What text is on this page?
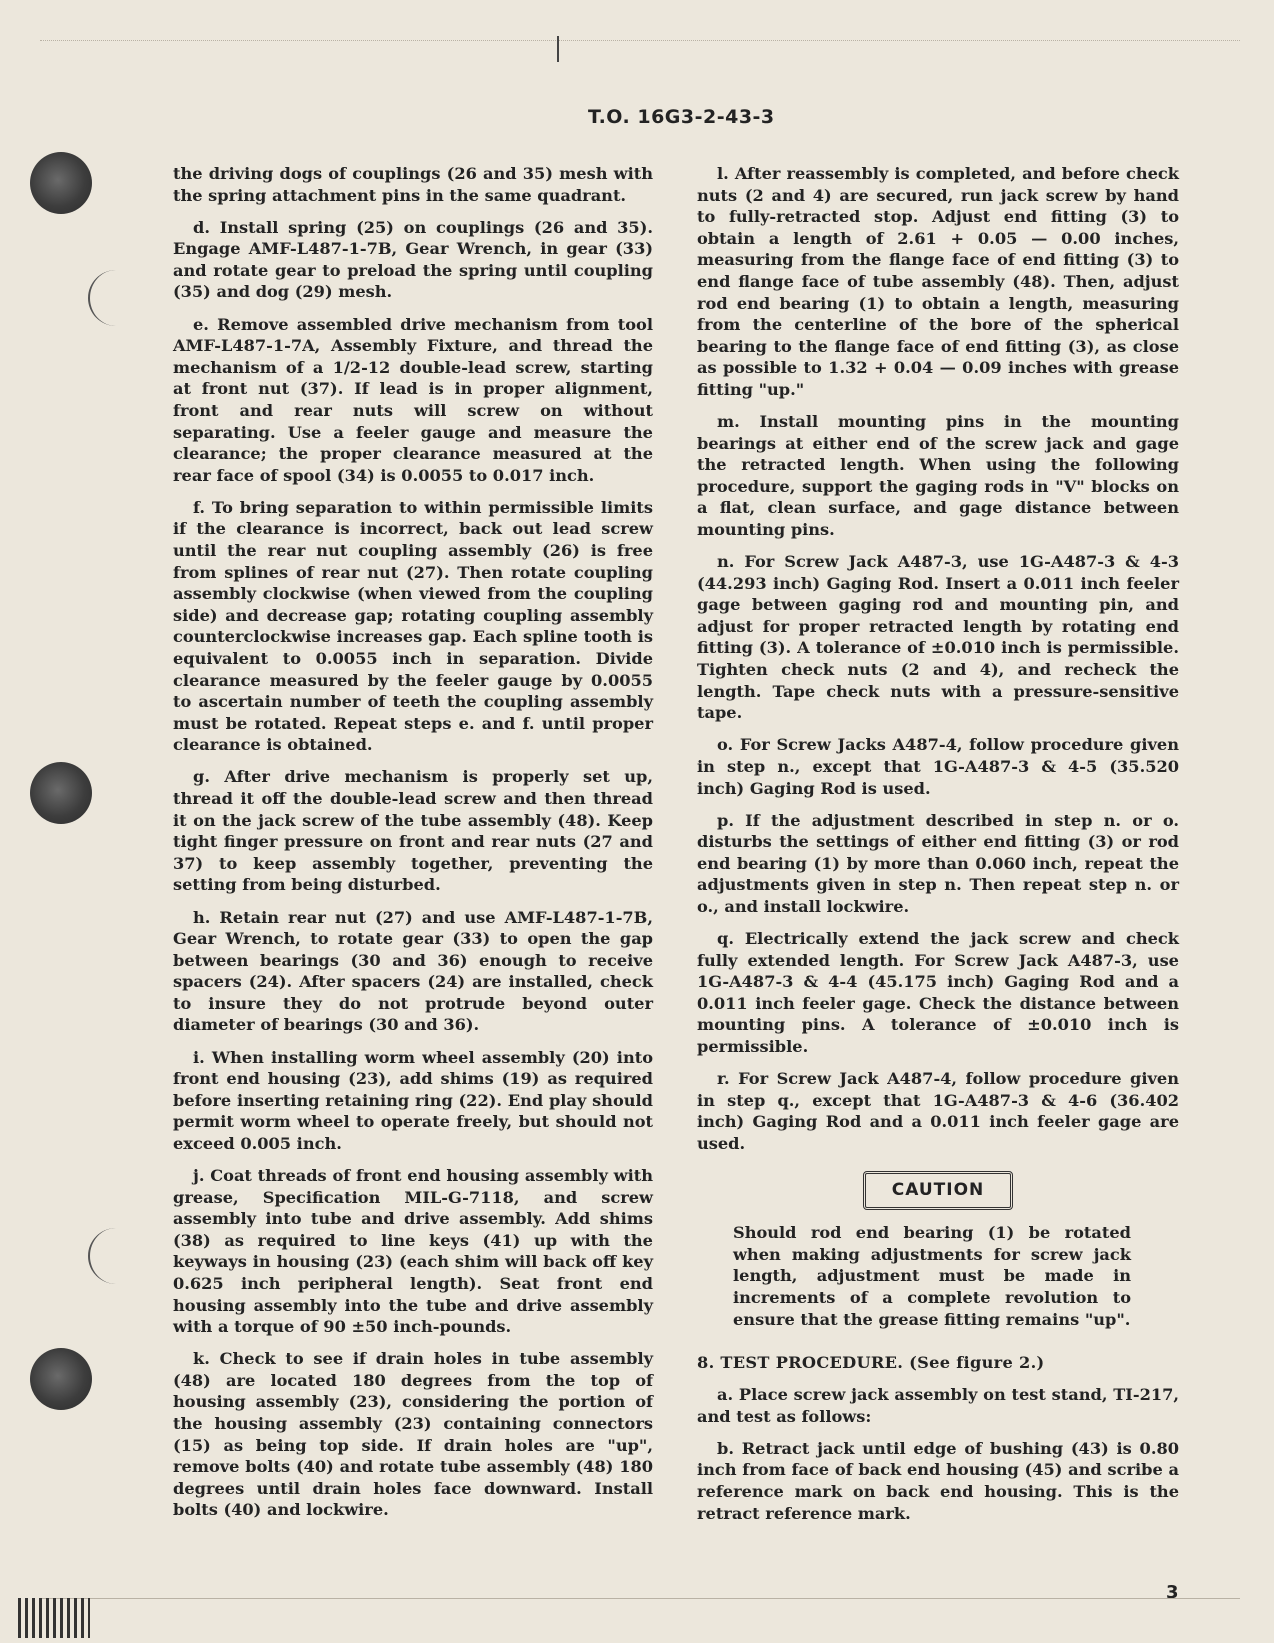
T.O. 16G3-2-43-3

the driving dogs of couplings (26 and 35) mesh with the spring attachment pins in the same quadrant.

d. Install spring (25) on couplings (26 and 35). Engage AMF-L487-1-7B, Gear Wrench, in gear (33) and rotate gear to preload the spring until coupling (35) and dog (29) mesh.

e. Remove assembled drive mechanism from tool AMF-L487-1-7A, Assembly Fixture, and thread the mechanism of a 1/2-12 double-lead screw, starting at front nut (37). If lead is in proper alignment, front and rear nuts will screw on without separating. Use a feeler gauge and measure the clearance; the proper clearance measured at the rear face of spool (34) is 0.0055 to 0.017 inch.

f. To bring separation to within permissible limits if the clearance is incorrect, back out lead screw until the rear nut coupling assembly (26) is free from splines of rear nut (27). Then rotate coupling assembly clockwise (when viewed from the coupling side) and decrease gap; rotating coupling assembly counterclockwise increases gap. Each spline tooth is equivalent to 0.0055 inch in separation. Divide clearance measured by the feeler gauge by 0.0055 to ascertain number of teeth the coupling assembly must be rotated. Repeat steps e. and f. until proper clearance is obtained.

g. After drive mechanism is properly set up, thread it off the double-lead screw and then thread it on the jack screw of the tube assembly (48). Keep tight finger pressure on front and rear nuts (27 and 37) to keep assembly together, preventing the setting from being disturbed.

h. Retain rear nut (27) and use AMF-L487-1-7B, Gear Wrench, to rotate gear (33) to open the gap between bearings (30 and 36) enough to receive spacers (24). After spacers (24) are installed, check to insure they do not protrude beyond outer diameter of bearings (30 and 36).

i. When installing worm wheel assembly (20) into front end housing (23), add shims (19) as required before inserting retaining ring (22). End play should permit worm wheel to operate freely, but should not exceed 0.005 inch.

j. Coat threads of front end housing assembly with grease, Specification MIL-G-7118, and screw assembly into tube and drive assembly. Add shims (38) as required to line keys (41) up with the keyways in housing (23) (each shim will back off key 0.625 inch peripheral length). Seat front end housing assembly into the tube and drive assembly with a torque of 90 ±50 inch-pounds.

k. Check to see if drain holes in tube assembly (48) are located 180 degrees from the top of housing assembly (23), considering the portion of the housing assembly (23) containing connectors (15) as being top side. If drain holes are "up", remove bolts (40) and rotate tube assembly (48) 180 degrees until drain holes face downward. Install bolts (40) and lockwire.

l. After reassembly is completed, and before check nuts (2 and 4) are secured, run jack screw by hand to fully-retracted stop. Adjust end fitting (3) to obtain a length of 2.61 + 0.05 — 0.00 inches, measuring from the flange face of end fitting (3) to end flange face of tube assembly (48). Then, adjust rod end bearing (1) to obtain a length, measuring from the centerline of the bore of the spherical bearing to the flange face of end fitting (3), as close as possible to 1.32 + 0.04 — 0.09 inches with grease fitting "up."

m. Install mounting pins in the mounting bearings at either end of the screw jack and gage the retracted length. When using the following procedure, support the gaging rods in "V" blocks on a flat, clean surface, and gage distance between mounting pins.

n. For Screw Jack A487-3, use 1G-A487-3 & 4-3 (44.293 inch) Gaging Rod. Insert a 0.011 inch feeler gage between gaging rod and mounting pin, and adjust for proper retracted length by rotating end fitting (3). A tolerance of ±0.010 inch is permissible. Tighten check nuts (2 and 4), and recheck the length. Tape check nuts with a pressure-sensitive tape.

o. For Screw Jacks A487-4, follow procedure given in step n., except that 1G-A487-3 & 4-5 (35.520 inch) Gaging Rod is used.

p. If the adjustment described in step n. or o. disturbs the settings of either end fitting (3) or rod end bearing (1) by more than 0.060 inch, repeat the adjustments given in step n. Then repeat step n. or o., and install lockwire.

q. Electrically extend the jack screw and check fully extended length. For Screw Jack A487-3, use 1G-A487-3 & 4-4 (45.175 inch) Gaging Rod and a 0.011 inch feeler gage. Check the distance between mounting pins. A tolerance of ±0.010 inch is permissible.

r. For Screw Jack A487-4, follow procedure given in step q., except that 1G-A487-3 & 4-6 (36.402 inch) Gaging Rod and a 0.011 inch feeler gage are used.

CAUTION

Should rod end bearing (1) be rotated when making adjustments for screw jack length, adjustment must be made in increments of a complete revolution to ensure that the grease fitting remains "up".

8. TEST PROCEDURE. (See figure 2.)

a. Place screw jack assembly on test stand, TI-217, and test as follows:

b. Retract jack until edge of bushing (43) is 0.80 inch from face of back end housing (45) and scribe a reference mark on back end housing. This is the retract reference mark.

3
